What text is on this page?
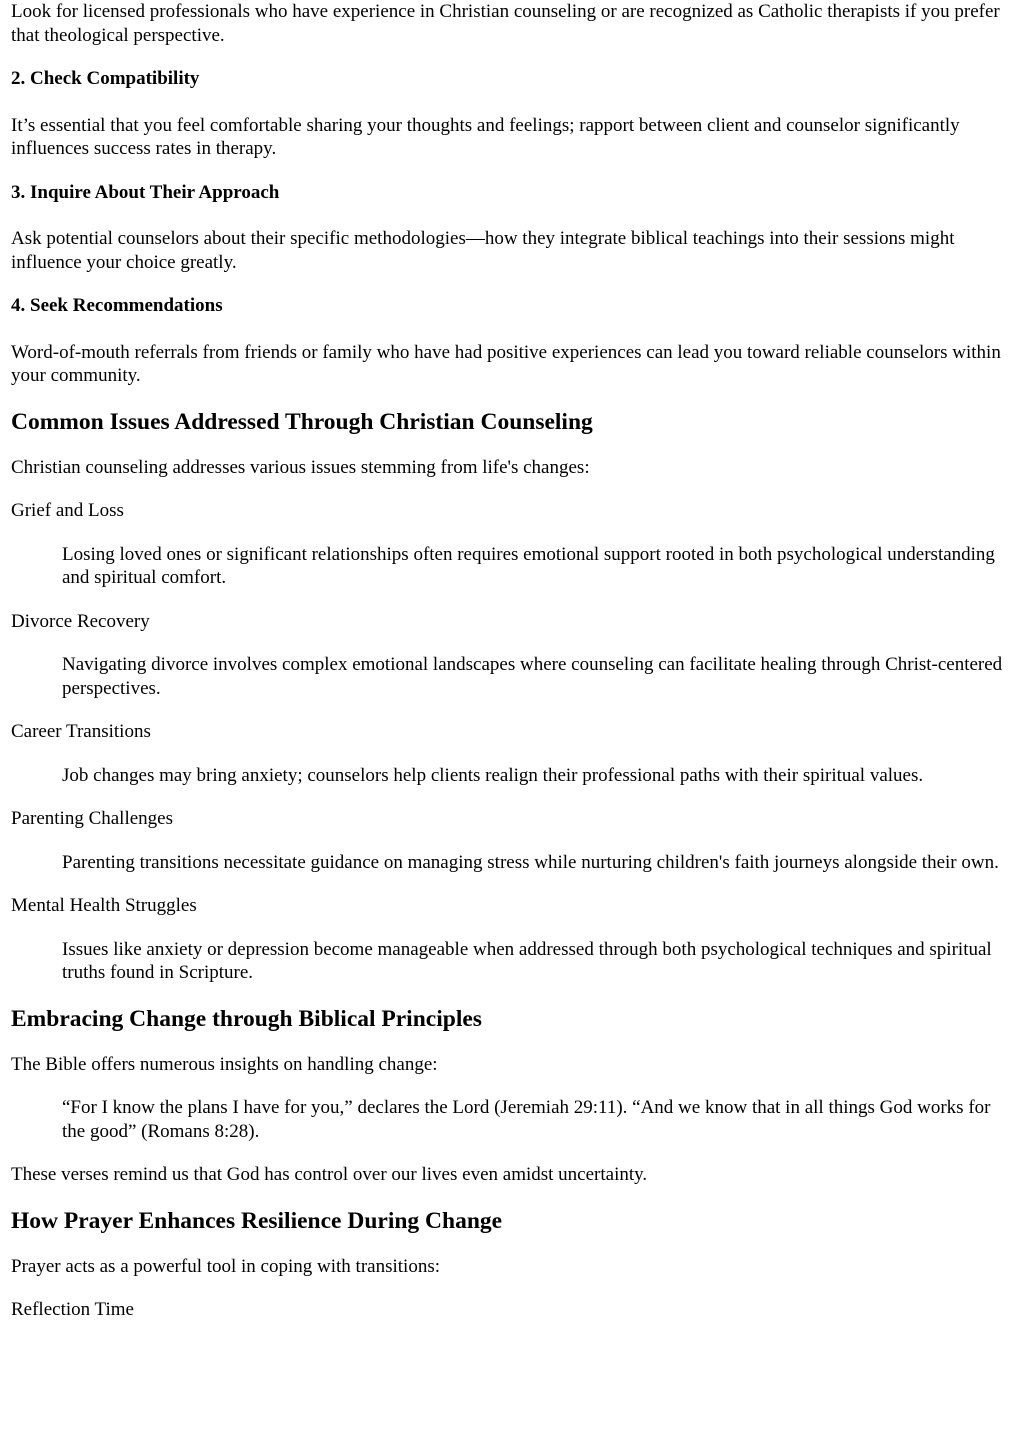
Look for licensed professionals who have experience in Christian counseling or are recognized as Catholic therapists if you prefer that theological perspective.

2. Check Compatibility

It’s essential that you feel comfortable sharing your thoughts and feelings; rapport between client and counselor significantly influences success rates in therapy.

3. Inquire About Their Approach

Ask potential counselors about their specific methodologies—how they integrate biblical teachings into their sessions might influence your choice greatly.

4. Seek Recommendations

Word-of-mouth referrals from friends or family who have had positive experiences can lead you toward reliable counselors within your community.

Common Issues Addressed Through Christian Counseling

Christian counseling addresses various issues stemming from life's changes:

Grief and Loss
Losing loved ones or significant relationships often requires emotional support rooted in both psychological understanding and spiritual comfort.
Divorce Recovery
Navigating divorce involves complex emotional landscapes where counseling can facilitate healing through Christ-centered perspectives.
Career Transitions
Job changes may bring anxiety; counselors help clients realign their professional paths with their spiritual values.
Parenting Challenges
Parenting transitions necessitate guidance on managing stress while nurturing children's faith journeys alongside their own.
Mental Health Struggles
Issues like anxiety or depression become manageable when addressed through both psychological techniques and spiritual truths found in Scripture.
Embracing Change through Biblical Principles

The Bible offers numerous insights on handling change:

“For I know the plans I have for you,” declares the Lord (Jeremiah 29:11). “And we know that in all things God works for the good” (Romans 8:28).

These verses remind us that God has control over our lives even amidst uncertainty.

How Prayer Enhances Resilience During Change

Prayer acts as a powerful tool in coping with transitions:

Reflection Time
